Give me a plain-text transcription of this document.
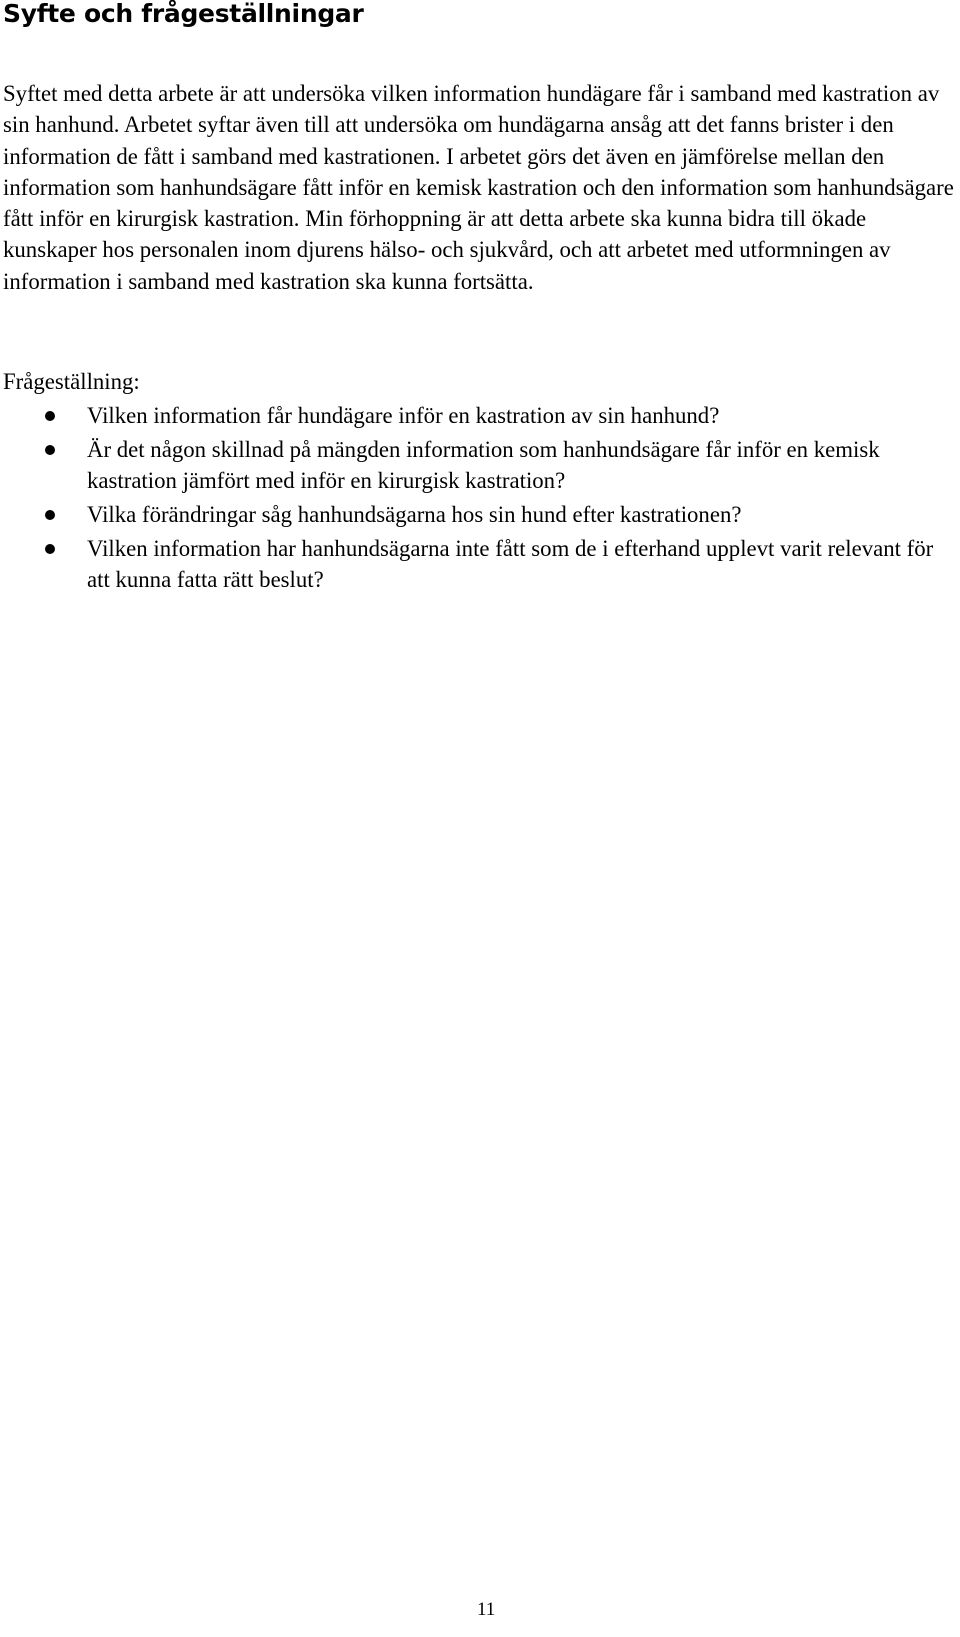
Syfte och frågeställningar

Syftet med detta arbete är att undersöka vilken information hundägare får i samband med kastration av sin hanhund. Arbetet syftar även till att undersöka om hundägarna ansåg att det fanns brister i den information de fått i samband med kastrationen. I arbetet görs det även en jämförelse mellan den information som hanhundsägare fått inför en kemisk kastration och den information som hanhundsägare fått inför en kirurgisk kastration. Min förhoppning är att detta arbete ska kunna bidra till ökade kunskaper hos personalen inom djurens hälso- och sjukvård, och att arbetet med utformningen av information i samband med kastration ska kunna fortsätta.

Frågeställning:

Vilken information får hundägare inför en kastration av sin hanhund?
Är det någon skillnad på mängden information som hanhundsägare får inför en kemisk kastration jämfört med inför en kirurgisk kastration?
Vilka förändringar såg hanhundsägarna hos sin hund efter kastrationen?
Vilken information har hanhundsägarna inte fått som de i efterhand upplevt varit relevant för att kunna fatta rätt beslut?

11
